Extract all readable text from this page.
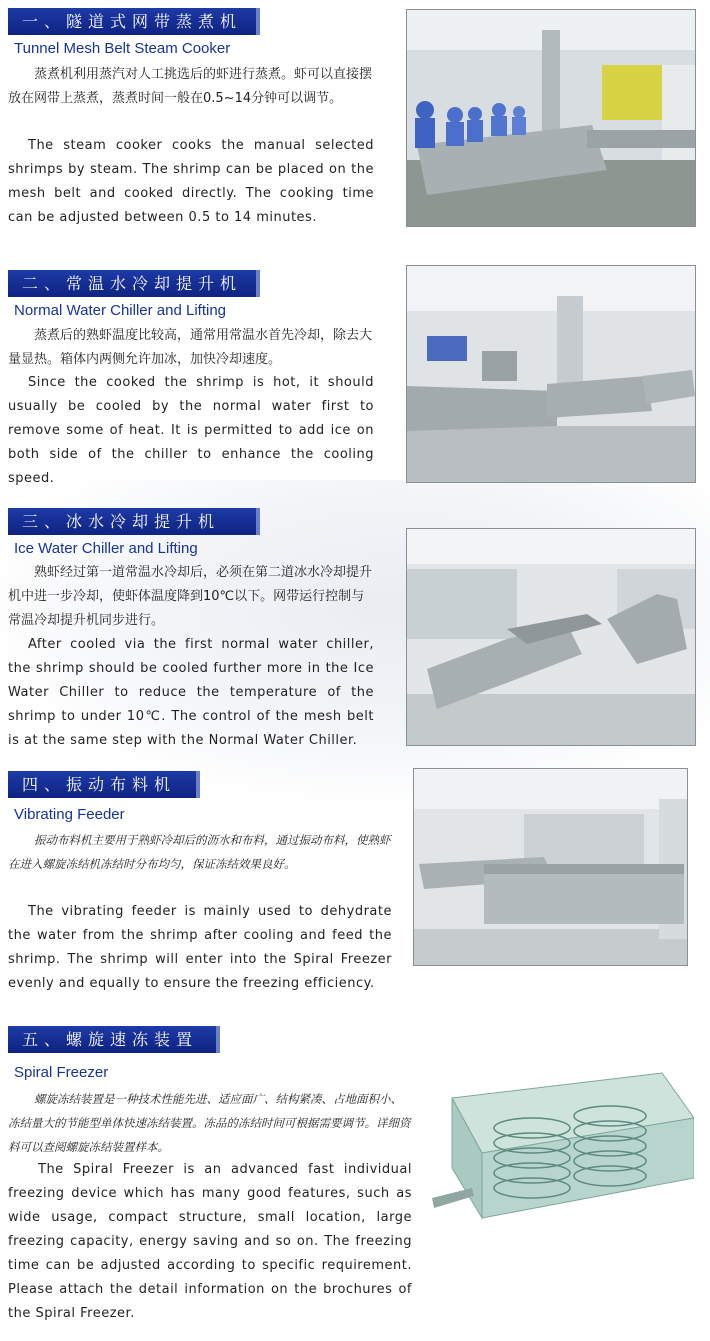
一、隧道式网带蒸煮机
Tunnel Mesh Belt Steam Cooker
蒸煮机利用蒸汽对人工挑选后的虾进行蒸煮。虾可以直接摆放在网带上蒸煮，蒸煮时间一般在0.5~14分钟可以调节。
The steam cooker cooks the manual selected shrimps by steam. The shrimp can be placed on the mesh belt and cooked directly. The cooking time can be adjusted between 0.5 to 14 minutes.
二、常温水冷却提升机
Normal Water Chiller and Lifting
蒸煮后的熟虾温度比较高，通常用常温水首先冷却，除去大量显热。箱体内两侧允许加冰，加快冷却速度。
Since the cooked the shrimp is hot, it should usually be cooled by the normal water first to remove some of heat. It is permitted to add ice on both side of the chiller to enhance the cooling speed.
三、冰水冷却提升机
Ice Water Chiller and Lifting
熟虾经过第一道常温水冷却后，必须在第二道冰水冷却提升机中进一步冷却，使虾体温度降到10℃以下。网带运行控制与常温冷却提升机同步进行。
After cooled via the first normal water chiller, the shrimp should be cooled further more in the Ice Water Chiller to reduce the temperature of the shrimp to under 10℃. The control of the mesh belt is at the same step with the Normal Water Chiller.
四、振动布料机
Vibrating Feeder
振动布料机主要用于熟虾冷却后的沥水和布料，通过振动布料，使熟虾在进入螺旋冻结机冻结时分布均匀，保证冻结效果良好。
The vibrating feeder is mainly used to dehydrate the water from the shrimp after cooling and feed the shrimp. The shrimp will enter into the Spiral Freezer evenly and equally to ensure the freezing efficiency.
五、螺旋速冻装置
Spiral Freezer
螺旋冻结装置是一种技术性能先进、适应面广、结构紧凑、占地面积小、冻结量大的节能型单体快速冻结装置。冻品的冻结时间可根据需要调节。详细资料可以查阅螺旋冻结装置样本。
The Spiral Freezer is an advanced fast individual freezing device which has many good features, such as wide usage, compact structure, small location, large freezing capacity, energy saving and so on. The freezing time can be adjusted according to specific requirement. Please attach the detail information on the brochures of the Spiral Freezer.
